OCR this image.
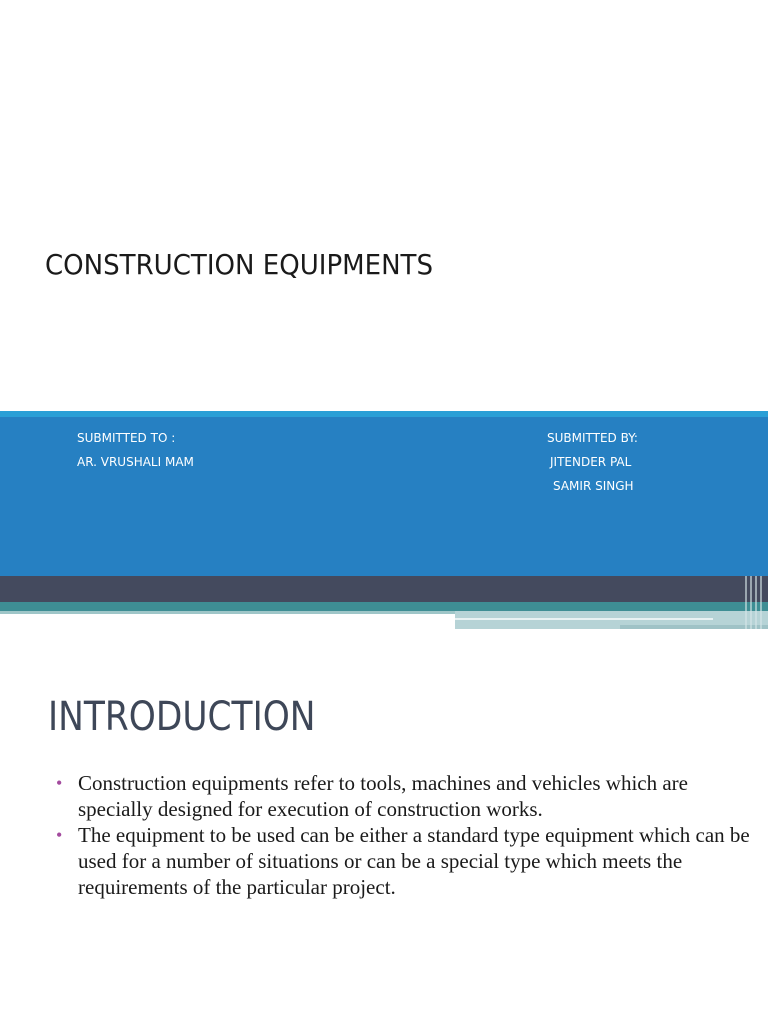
CONSTRUCTION EQUIPMENTS
SUBMITTED TO :
AR. VRUSHALI MAM
SUBMITTED BY:
JITENDER PAL
SAMIR SINGH
INTRODUCTION
• Construction equipments refer to tools, machines and vehicles which are specially designed for execution of construction works.
• The equipment to be used can be either a standard type equipment which can be used for a number of situations or can be a special type which meets the requirements of the particular project.
